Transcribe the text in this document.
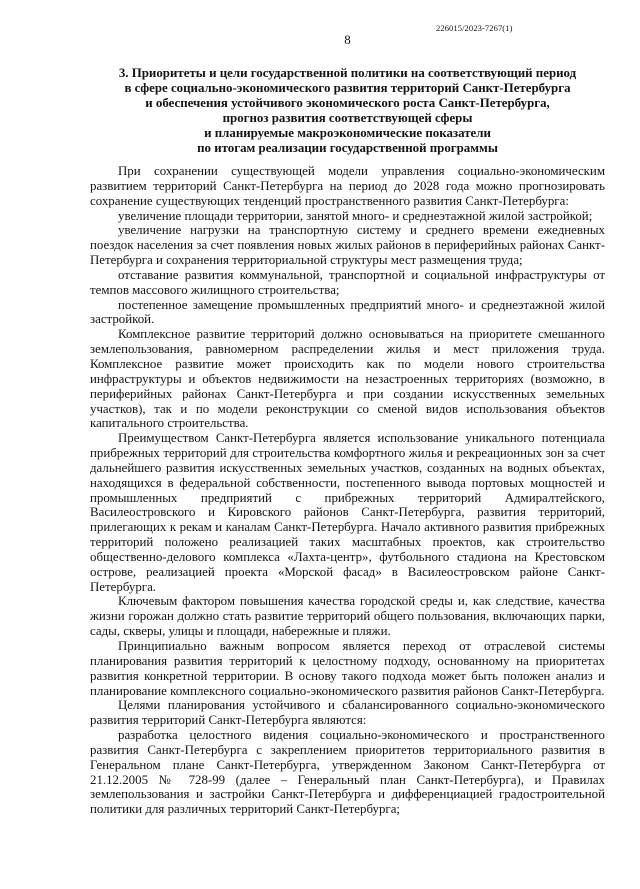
226015/2023-7267(1)
8
3. Приоритеты и цели государственной политики на соответствующий период
в сфере социально-экономического развития территорий Санкт-Петербурга
и обеспечения устойчивого экономического роста Санкт-Петербурга,
прогноз развития соответствующей сферы
и планируемые макроэкономические показатели
по итогам реализации государственной программы

При сохранении существующей модели управления социально-экономическим развитием территорий Санкт-Петербурга на период до 2028 года можно прогнозировать сохранение существующих тенденций пространственного развития Санкт-Петербурга:

увеличение площади территории, занятой много- и среднеэтажной жилой застройкой;

увеличение нагрузки на транспортную систему и среднего времени ежедневных поездок населения за счет появления новых жилых районов в периферийных районах Санкт-Петербурга и сохранения территориальной структуры мест размещения труда;

отставание развития коммунальной, транспортной и социальной инфраструктуры от темпов массового жилищного строительства;

постепенное замещение промышленных предприятий много- и среднеэтажной жилой застройкой.

Комплексное развитие территорий должно основываться на приоритете смешанного землепользования, равномерном распределении жилья и мест приложения труда. Комплексное развитие может происходить как по модели нового строительства инфраструктуры и объектов недвижимости на незастроенных территориях (возможно, в периферийных районах Санкт-Петербурга и при создании искусственных земельных участков), так и по модели реконструкции со сменой видов использования объектов капитального строительства.

Преимуществом Санкт-Петербурга является использование уникального потенциала прибрежных территорий для строительства комфортного жилья и рекреационных зон за счет дальнейшего развития искусственных земельных участков, созданных на водных объектах, находящихся в федеральной собственности, постепенного вывода портовых мощностей и промышленных предприятий с прибрежных территорий Адмиралтейского, Василеостровского и Кировского районов Санкт-Петербурга, развития территорий, прилегающих к рекам и каналам Санкт-Петербурга. Начало активного развития прибрежных территорий положено реализацией таких масштабных проектов, как строительство общественно-делового комплекса «Лахта-центр», футбольного стадиона на Крестовском острове, реализацией проекта «Морской фасад» в Василеостровском районе Санкт-Петербурга.

Ключевым фактором повышения качества городской среды и, как следствие, качества жизни горожан должно стать развитие территорий общего пользования, включающих парки, сады, скверы, улицы и площади, набережные и пляжи.

Принципиально важным вопросом является переход от отраслевой системы планирования развития территорий к целостному подходу, основанному на приоритетах развития конкретной территории. В основу такого подхода может быть положен анализ и планирование комплексного социально-экономического развития районов Санкт-Петербурга.

Целями планирования устойчивого и сбалансированного социально-экономического развития территорий Санкт-Петербурга являются:

разработка целостного видения социально-экономического и пространственного развития Санкт-Петербурга с закреплением приоритетов территориального развития в Генеральном плане Санкт-Петербурга, утвержденном Законом Санкт-Петербурга от 21.12.2005 № 728-99 (далее – Генеральный план Санкт-Петербурга), и Правилах землепользования и застройки Санкт-Петербурга и дифференциацией градостроительной политики для различных территорий Санкт-Петербурга;
